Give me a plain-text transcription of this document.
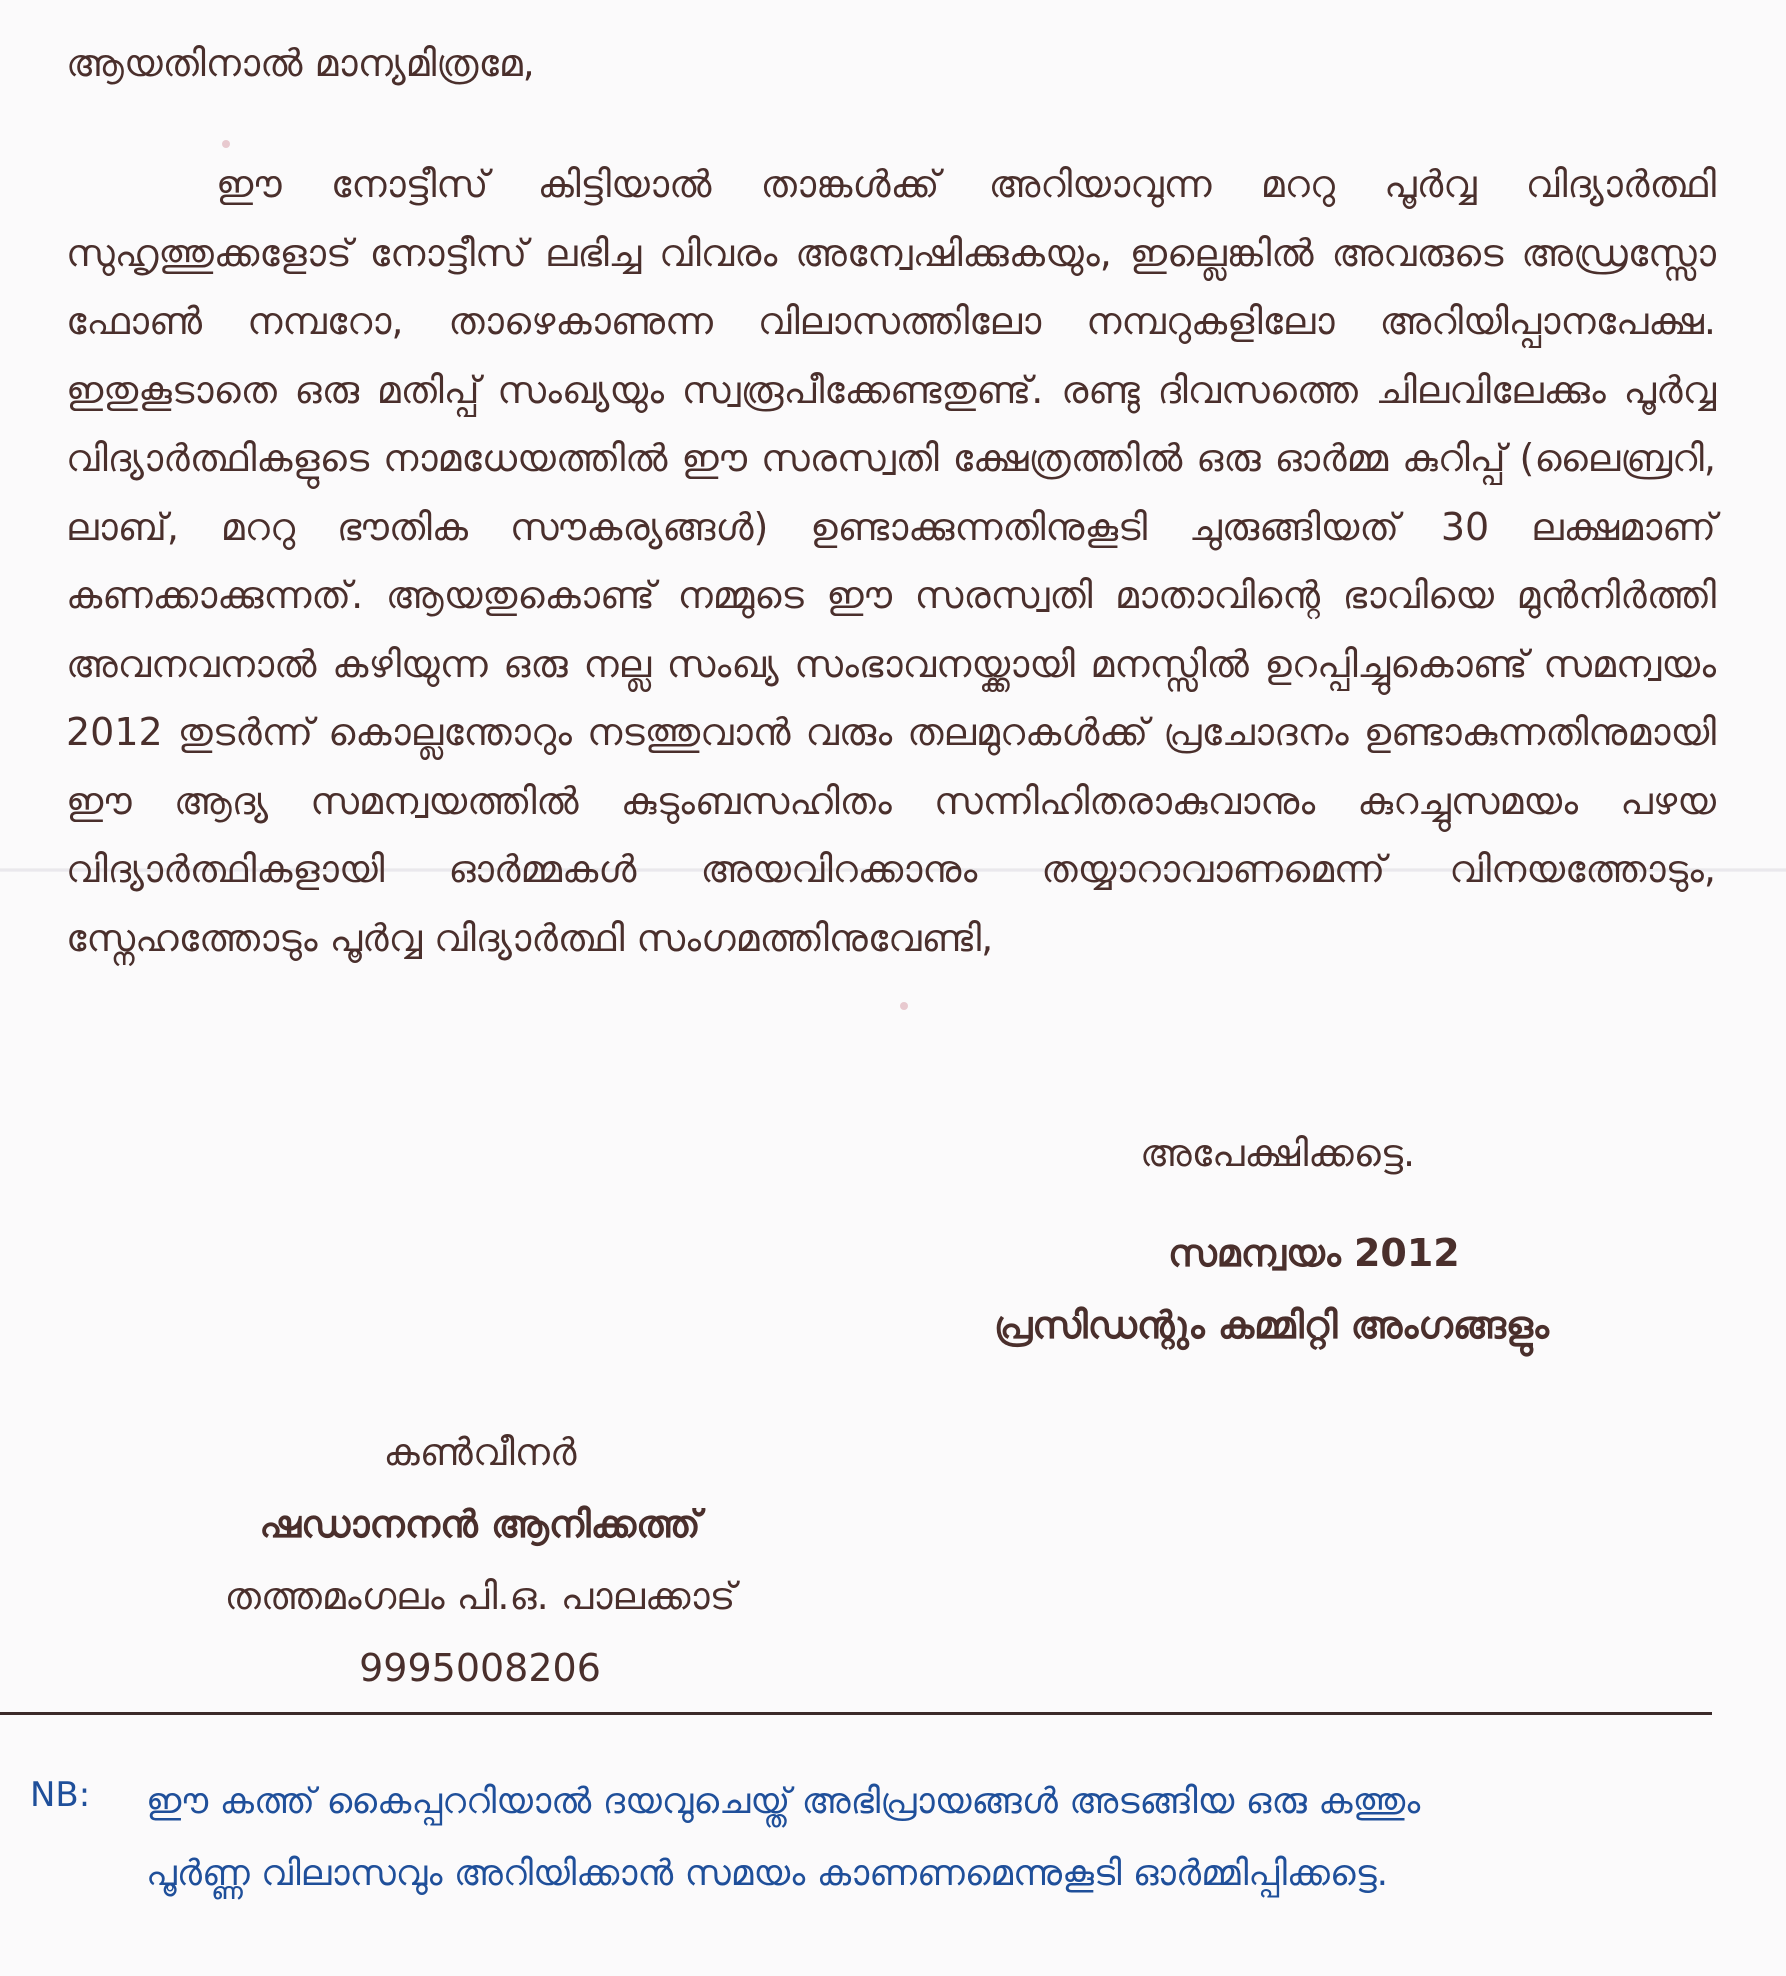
ആയതിനാൽ മാന്യമിത്രമേ,

ഈ നോട്ടീസ് കിട്ടിയാൽ താങ്കൾക്ക് അറിയാവുന്ന മററു പൂർവ്വ വിദ്യാർത്ഥി സുഹൃത്തുക്കളോട് നോട്ടീസ് ലഭിച്ച വിവരം അന്വേഷിക്കുകയും, ഇല്ലെങ്കിൽ അവരുടെ അഡ്രസ്സോ ഫോൺ നമ്പറോ, താഴെകാണുന്ന വിലാസത്തിലോ നമ്പറുകളിലോ അറിയിപ്പാനപേക്ഷ. ഇതുകൂടാതെ ഒരു മതിപ്പ് സംഖ്യയും സ്വരൂപീക്കേണ്ടതുണ്ട്. രണ്ടു ദിവസത്തെ ചിലവിലേക്കും പൂർവ്വ വിദ്യാർത്ഥികളുടെ നാമധേയത്തിൽ ഈ സരസ്വതി ക്ഷേത്രത്തിൽ ഒരു ഓർമ്മ കുറിപ്പ് (ലൈബ്രറി, ലാബ്, മററു ഭൗതിക സൗകര്യങ്ങൾ) ഉണ്ടാക്കുന്നതിനുകൂടി ചുരുങ്ങിയത് 30 ലക്ഷമാണ് കണക്കാക്കുന്നത്. ആയതുകൊണ്ട് നമ്മുടെ ഈ സരസ്വതി മാതാവിന്റെ ഭാവിയെ മുൻനിർത്തി അവനവനാൽ കഴിയുന്ന ഒരു നല്ല സംഖ്യ സംഭാവനയ്ക്കായി മനസ്സിൽ ഉറപ്പിച്ചുകൊണ്ട് സമന്വയം 2012 തുടർന്ന് കൊല്ലന്തോറും നടത്തുവാൻ വരും തലമുറകൾക്ക് പ്രചോദനം ഉണ്ടാകുന്നതിനുമായി ഈ ആദ്യ സമന്വയത്തിൽ കുടുംബസഹിതം സന്നിഹിതരാകുവാനും കുറച്ചുസമയം പഴയ വിദ്യാർത്ഥികളായി ഓർമ്മകൾ അയവിറക്കാനും തയ്യാറാവാണമെന്ന് വിനയത്തോടും, സ്നേഹത്തോടും പൂർവ്വ വിദ്യാർത്ഥി സംഗമത്തിനുവേണ്ടി,

അപേക്ഷിക്കട്ടെ.
സമന്വയം 2012
പ്രസിഡന്റും കമ്മിറ്റി അംഗങ്ങളും
കൺവീനർ
ഷഡാനനൻ ആനിക്കത്ത്
തത്തമംഗലം പി.ഒ. പാലക്കാട്
9995008206
NB: ഈ കത്ത് കൈപ്പററിയാൽ ദയവുചെയ്ത് അഭിപ്രായങ്ങൾ അടങ്ങിയ ഒരു കത്തും
പൂർണ്ണ വിലാസവും അറിയിക്കാൻ സമയം കാണണമെന്നുകൂടി ഓർമ്മിപ്പിക്കട്ടെ.
